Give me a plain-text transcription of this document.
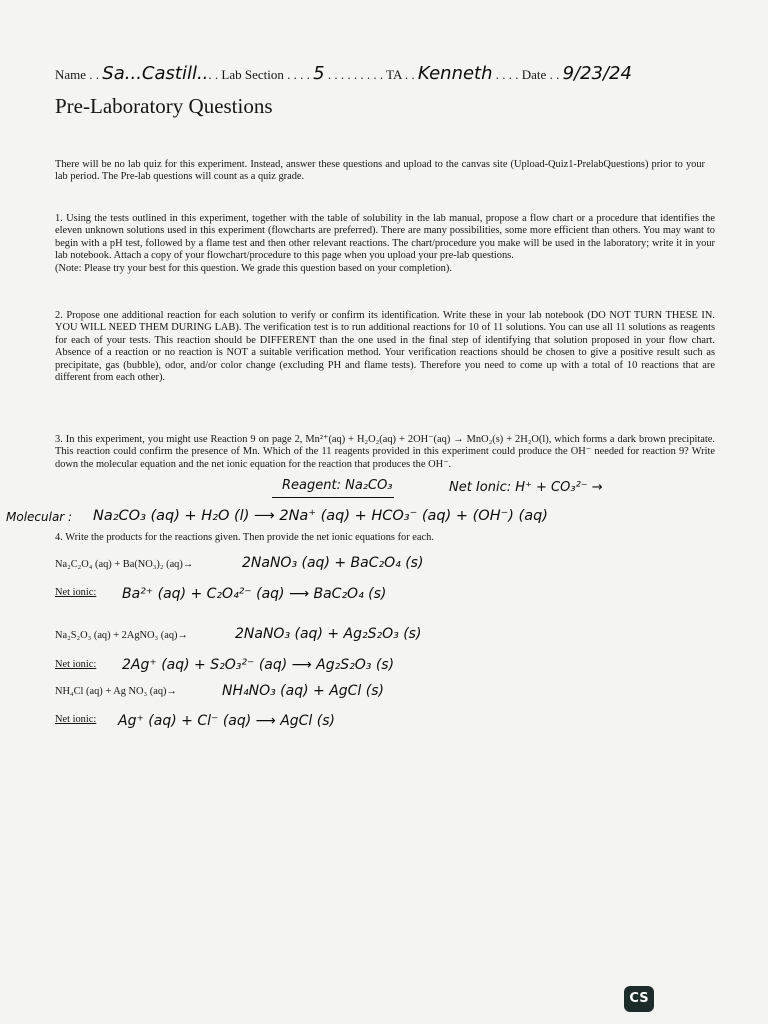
Name . . Sa...Castill... . Lab Section . . . . 5 . . . . . . . . . TA . . Kenneth . . . . Date . . 9/23/24
Pre-Laboratory Questions
There will be no lab quiz for this experiment. Instead, answer these questions and upload to the canvas site (Upload-Quiz1-PrelabQuestions) prior to your lab period. The Pre-lab questions will count as a quiz grade.
1. Using the tests outlined in this experiment, together with the table of solubility in the lab manual, propose a flow chart or a procedure that identifies the eleven unknown solutions used in this experiment (flowcharts are preferred). There are many possibilities, some more efficient than others. You may want to begin with a pH test, followed by a flame test and then other relevant reactions. The chart/procedure you make will be used in the laboratory; write it in your lab notebook. Attach a copy of your flowchart/procedure to this page when you upload your pre-lab questions.
(Note: Please try your best for this question. We grade this question based on your completion).
2. Propose one additional reaction for each solution to verify or confirm its identification. Write these in your lab notebook (DO NOT TURN THESE IN. YOU WILL NEED THEM DURING LAB). The verification test is to run additional reactions for 10 of 11 solutions. You can use all 11 solutions as reagents for each of your tests. This reaction should be DIFFERENT than the one used in the final step of identifying that solution proposed in your flow chart. Absence of a reaction or no reaction is NOT a suitable verification method. Your verification reactions should be chosen to give a positive result such as precipitate, gas (bubble), odor, and/or color change (excluding PH and flame tests). Therefore you need to come up with a total of 10 reactions that are different from each other).
3. In this experiment, you might use Reaction 9 on page 2, Mn²⁺(aq) + H₂O₂(aq) + 2OH⁻(aq) → MnO₂(s) + 2H₂O(l), which forms a dark brown precipitate. This reaction could confirm the presence of Mn. Which of the 11 reagents provided in this experiment could produce the OH⁻ needed for reaction 9? Write down the molecular equation and the net ionic equation for the reaction that produces the OH⁻.
Reagent: Na₂CO₃	Net Ionic: H⁺ + CO₃²⁻ →
Molecular : Na₂CO₃ (aq) + H₂O (l) ⟶ 2Na⁺ (aq) + HCO₃⁻ (aq) + (OH⁻) (aq)
4. Write the products for the reactions given. Then provide the net ionic equations for each.
Na₂C₂O₄ (aq) + Ba(NO₃)₂ (aq)→	2NaNO₃ (aq) + BaC₂O₄ (s)
Net ionic: Ba²⁺ (aq) + C₂O₄²⁻ (aq) ⟶ BaC₂O₄ (s)
Na₂S₂O₃ (aq) + 2AgNO₃ (aq)→	2NaNO₃ (aq) + Ag₂S₂O₃ (s)
Net ionic: 2Ag⁺ (aq) + S₂O₃²⁻ (aq) ⟶ Ag₂S₂O₃ (s)
NH₄Cl (aq) + Ag NO₃ (aq)→	NH₄NO₃ (aq) + AgCl (s)
Net ionic: Ag⁺ (aq) + Cl⁻ (aq) ⟶ AgCl (s)
CS
